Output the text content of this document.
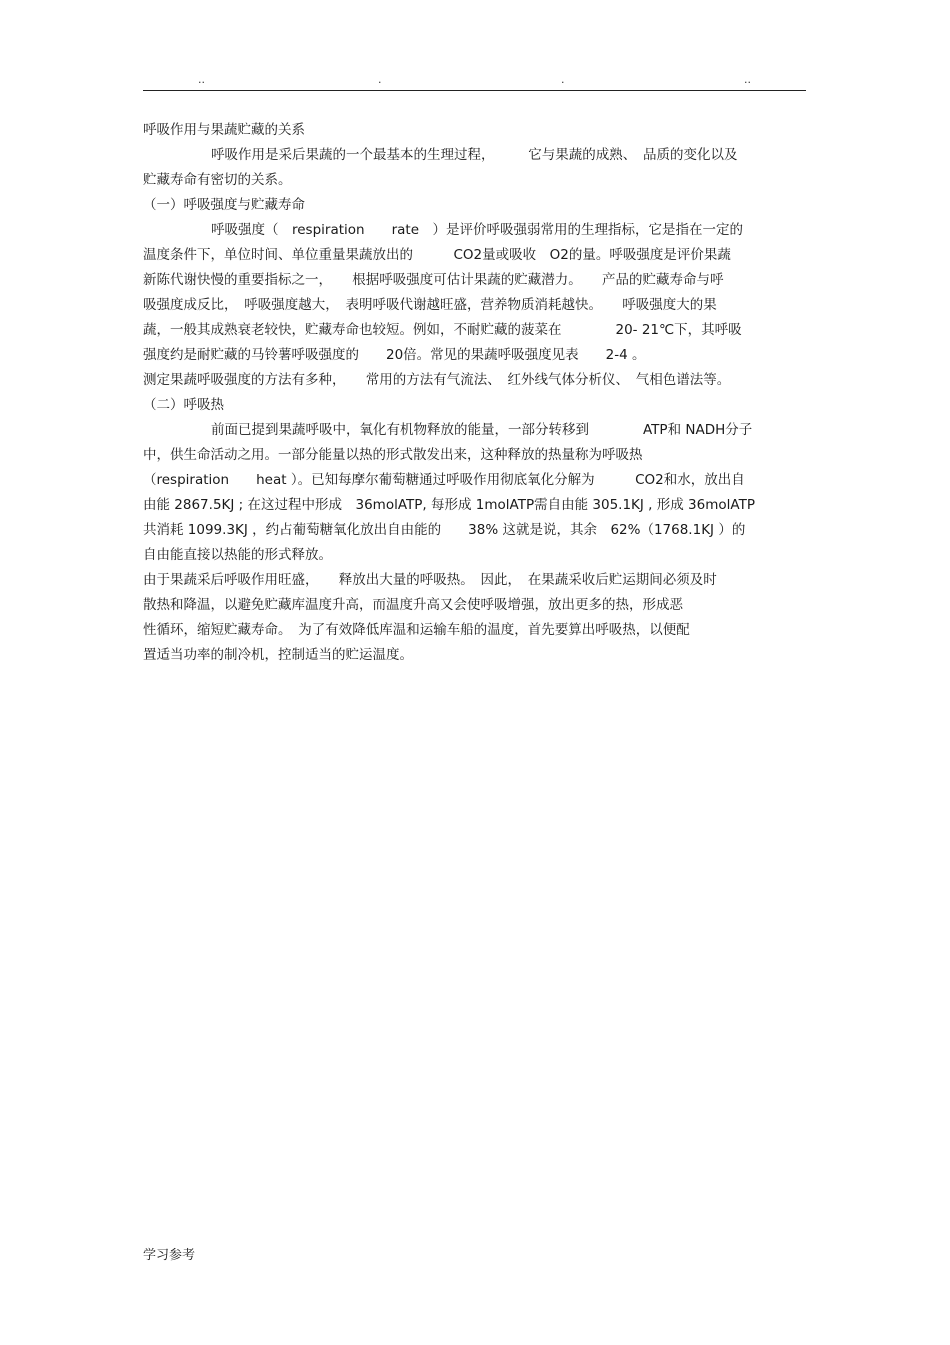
..	.	.	..
呼吸作用与果蔬贮藏的关系
呼吸作用是采后果蔬的一个最基本的生理过程，　　　它与果蔬的成熟、　品质的变化以及
贮藏寿命有密切的关系。
（一）呼吸强度与贮藏寿命
呼吸强度（　respiration　　rate　）是评价呼吸强弱常用的生理指标，它是指在一定的
温度条件下，单位时间、单位重量果蔬放出的　　　CO2量或吸收　O2的量。呼吸强度是评价果蔬
新陈代谢快慢的重要指标之一，　　根据呼吸强度可估计果蔬的贮藏潜力。　　产品的贮藏寿命与呼
吸强度成反比，　呼吸强度越大，　表明呼吸代谢越旺盛，营养物质消耗越快。　　呼吸强度大的果
蔬，一般其成熟衰老较快，贮藏寿命也较短。例如，不耐贮藏的菠菜在　　　　20- 21℃下，其呼吸
强度约是耐贮藏的马铃薯呼吸强度的　　20倍。常见的果蔬呼吸强度见表　　2-4 。
测定果蔬呼吸强度的方法有多种，　　常用的方法有气流法、　红外线气体分析仪、　气相色谱法等。
（二）呼吸热
前面已提到果蔬呼吸中，氧化有机物释放的能量，一部分转移到　　　　ATP和 NADH分子
中，供生命活动之用。一部分能量以热的形式散发出来，这种释放的热量称为呼吸热
（respiration　　heat ）。已知每摩尔葡萄糖通过呼吸作用彻底氧化分解为　　　CO2和水，放出自
由能 2867.5KJ ; 在这过程中形成　36molATP, 每形成 1molATP需自由能 305.1KJ , 形成 36molATP
共消耗 1099.3KJ ，约占葡萄糖氧化放出自由能的　　38% 这就是说，其余　62%（1768.1KJ ）的
自由能直接以热能的形式释放。
由于果蔬采后呼吸作用旺盛，　　释放出大量的呼吸热。　因此，　在果蔬采收后贮运期间必须及时
散热和降温，以避免贮藏库温度升高，而温度升高又会使呼吸增强，放出更多的热，形成恶
性循环，缩短贮藏寿命。　为了有效降低库温和运输车船的温度，首先要算出呼吸热，以便配
置适当功率的制冷机，控制适当的贮运温度。
学习参考
